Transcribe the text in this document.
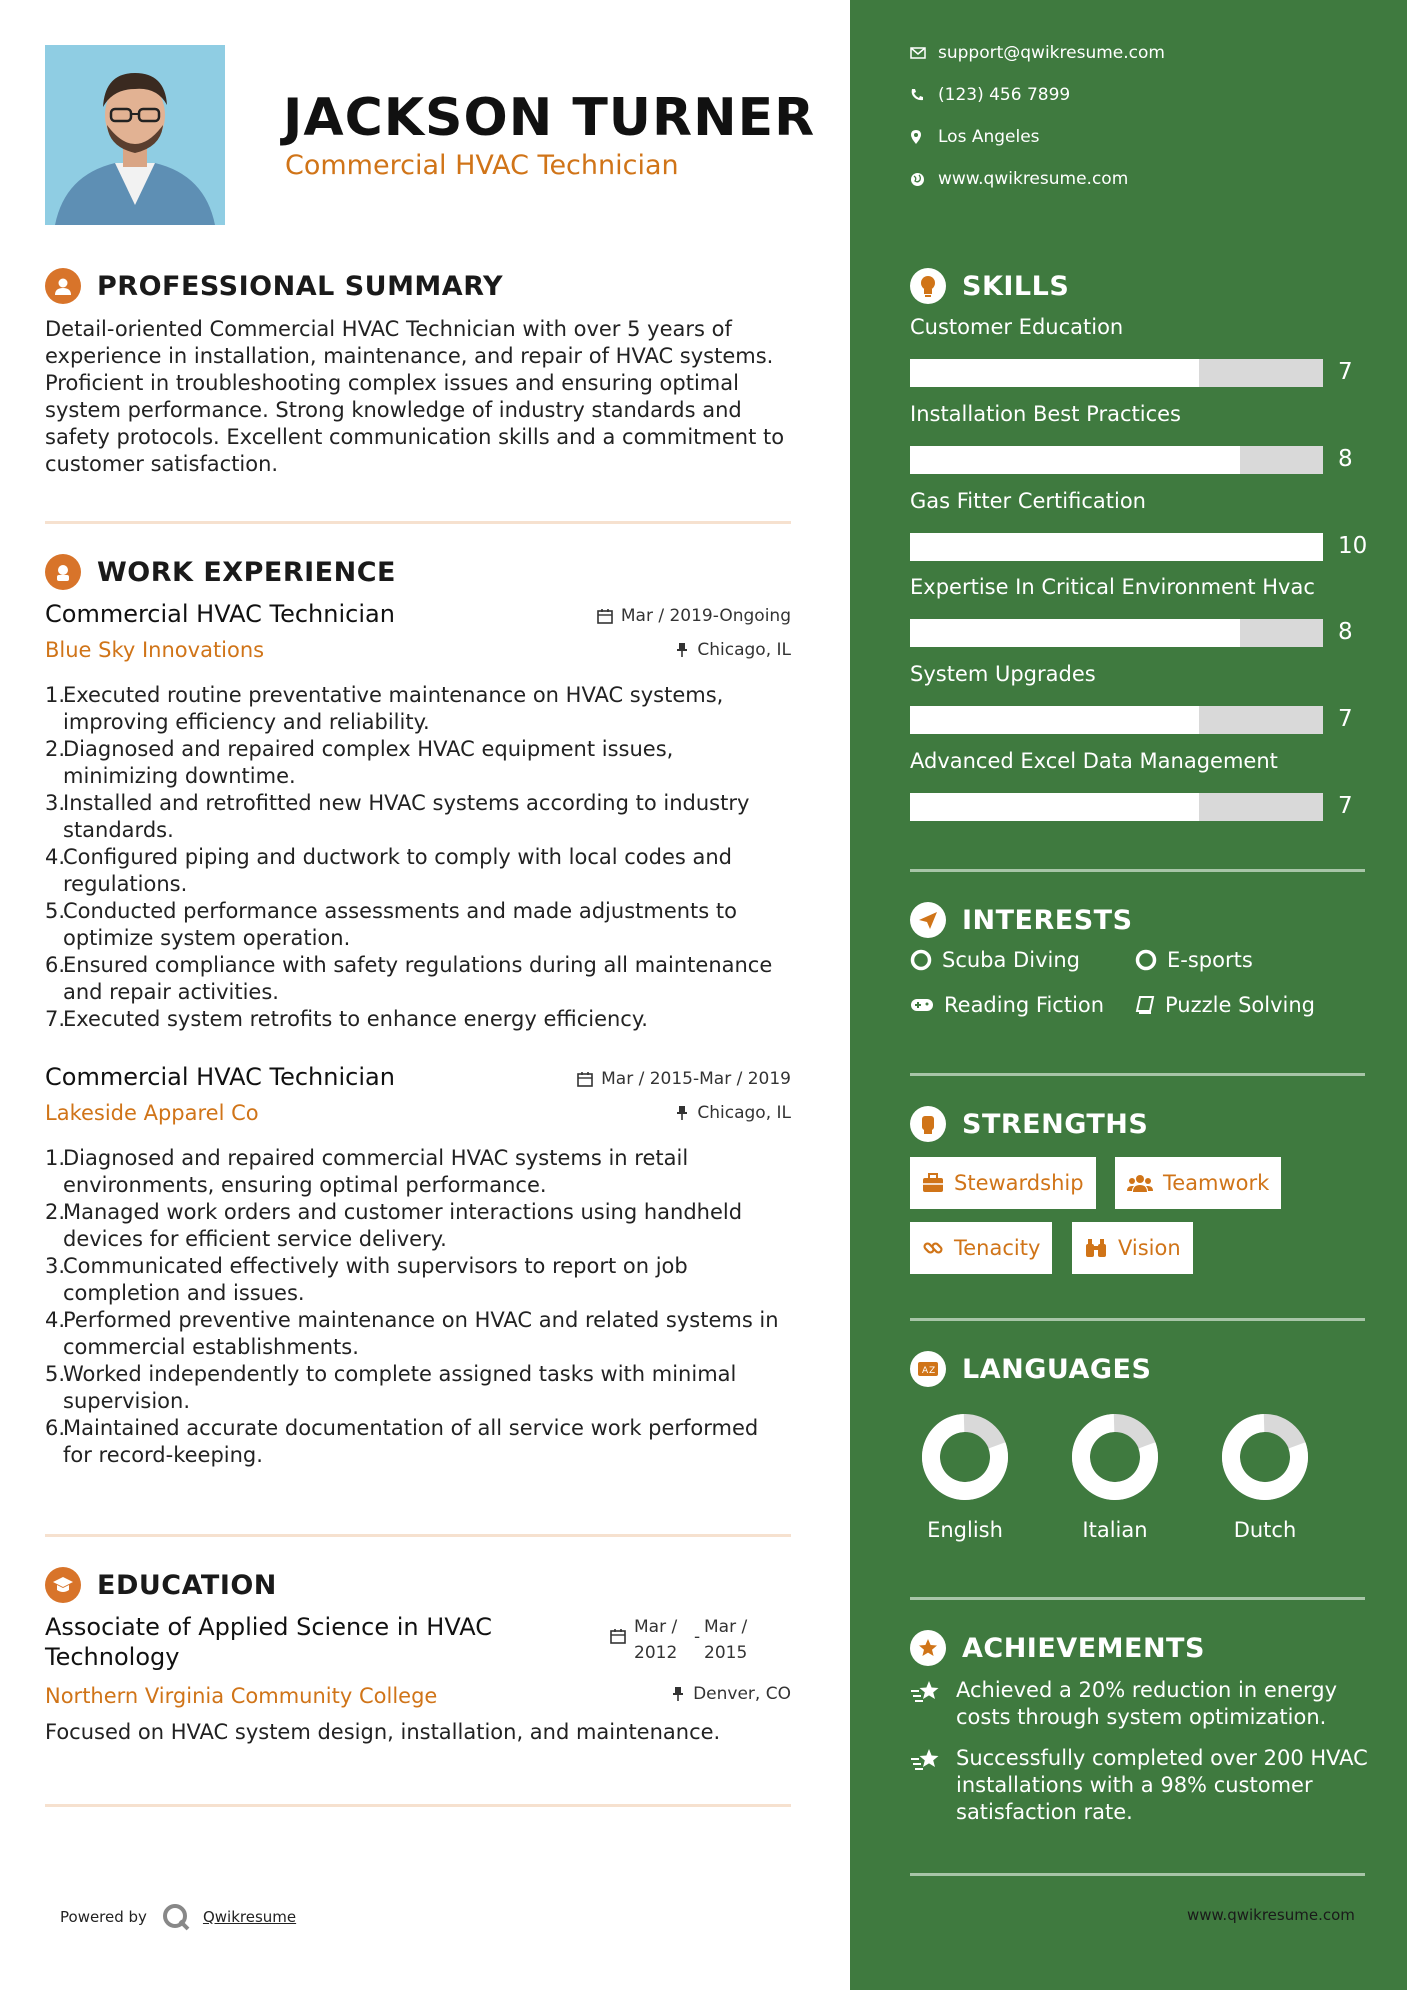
JACKSON TURNER
Commercial HVAC Technician
PROFESSIONAL SUMMARY
Detail-oriented Commercial HVAC Technician with over 5 years of experience in installation, maintenance, and repair of HVAC systems. Proficient in troubleshooting complex issues and ensuring optimal system performance. Strong knowledge of industry standards and safety protocols. Excellent communication skills and a commitment to customer satisfaction.
WORK EXPERIENCE
Commercial HVAC Technician
Blue Sky Innovations
Mar / 2019-Ongoing
Chicago, IL
1.
Executed routine preventative maintenance on HVAC systems, improving efficiency and reliability.
2.
Diagnosed and repaired complex HVAC equipment issues, minimizing downtime.
3.
Installed and retrofitted new HVAC systems according to industry standards.
4.
Configured piping and ductwork to comply with local codes and regulations.
5.
Conducted performance assessments and made adjustments to optimize system operation.
6.
Ensured compliance with safety regulations during all maintenance and repair activities.
7.
Executed system retrofits to enhance energy efficiency.
Commercial HVAC Technician
Lakeside Apparel Co
Mar / 2015-Mar / 2019
Chicago, IL
1.
Diagnosed and repaired commercial HVAC systems in retail environments, ensuring optimal performance.
2.
Managed work orders and customer interactions using handheld devices for efficient service delivery.
3.
Communicated effectively with supervisors to report on job completion and issues.
4.
Performed preventive maintenance on HVAC and related systems in commercial establishments.
5.
Worked independently to complete assigned tasks with minimal supervision.
6.
Maintained accurate documentation of all service work performed for record-keeping.
EDUCATION
Associate of Applied Science in HVAC Technology
Northern Virginia Community College
Focused on HVAC system design, installation, and maintenance.
Mar /
2012
- Mar /
2015
Denver, CO
Powered by	Qwikresume
support@qwikresume.com
(123) 456 7899
Los Angeles
www.qwikresume.com
SKILLS
Customer Education
7
Installation Best Practices
8
Gas Fitter Certification
10
Expertise In Critical Environment Hvac
8
System Upgrades
7
Advanced Excel Data Management
7
INTERESTS
Scuba Diving	E-sports
Reading Fiction	Puzzle Solving
STRENGTHS
Stewardship	Teamwork
Tenacity	Vision
A Z LANGUAGES
English	Italian	Dutch
ACHIEVEMENTS
Achieved a 20% reduction in energy costs through system optimization.
Successfully completed over 200 HVAC installations with a 98% customer satisfaction rate.
www.qwikresume.com
